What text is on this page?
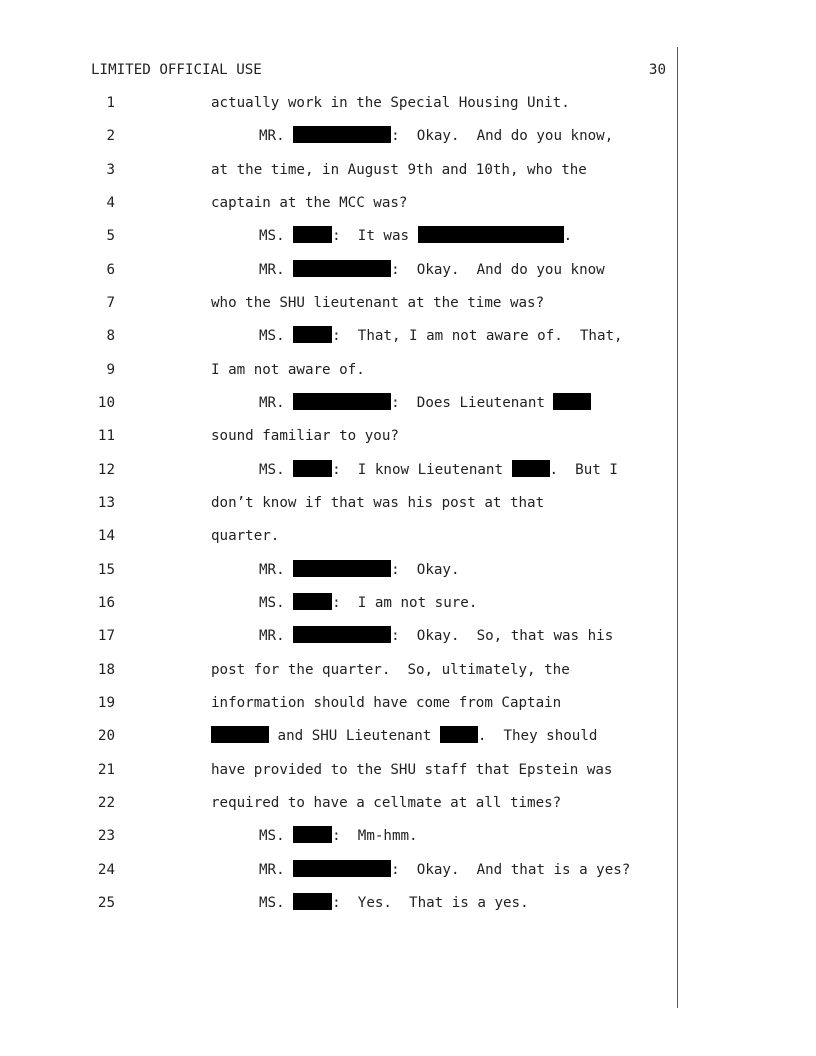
LIMITED OFFICIAL USE	30
1	actually work in the Special Housing Unit.
2	MR.	:  Okay.  And do you know,
3	at the time, in August 9th and 10th, who the
4	captain at the MCC was?
5	MS.	:  It was	.
6	MR.	:  Okay.  And do you know
7	who the SHU lieutenant at the time was?
8	MS.	:  That, I am not aware of.  That,
9	I am not aware of.
10	MR.	:  Does Lieutenant
11	sound familiar to you?
12	MS.	:  I know Lieutenant	.  But I
13	don’t know if that was his post at that
14	quarter.
15	MR.	:  Okay.
16	MS.	:  I am not sure.
17	MR.	:  Okay.  So, that was his
18	post for the quarter.  So, ultimately, the
19	information should have come from Captain
20	and SHU Lieutenant	.  They should
21	have provided to the SHU staff that Epstein was
22	required to have a cellmate at all times?
23	MS.	:  Mm-hmm.
24	MR.	:  Okay.  And that is a yes?
25	MS.	:  Yes.  That is a yes.
